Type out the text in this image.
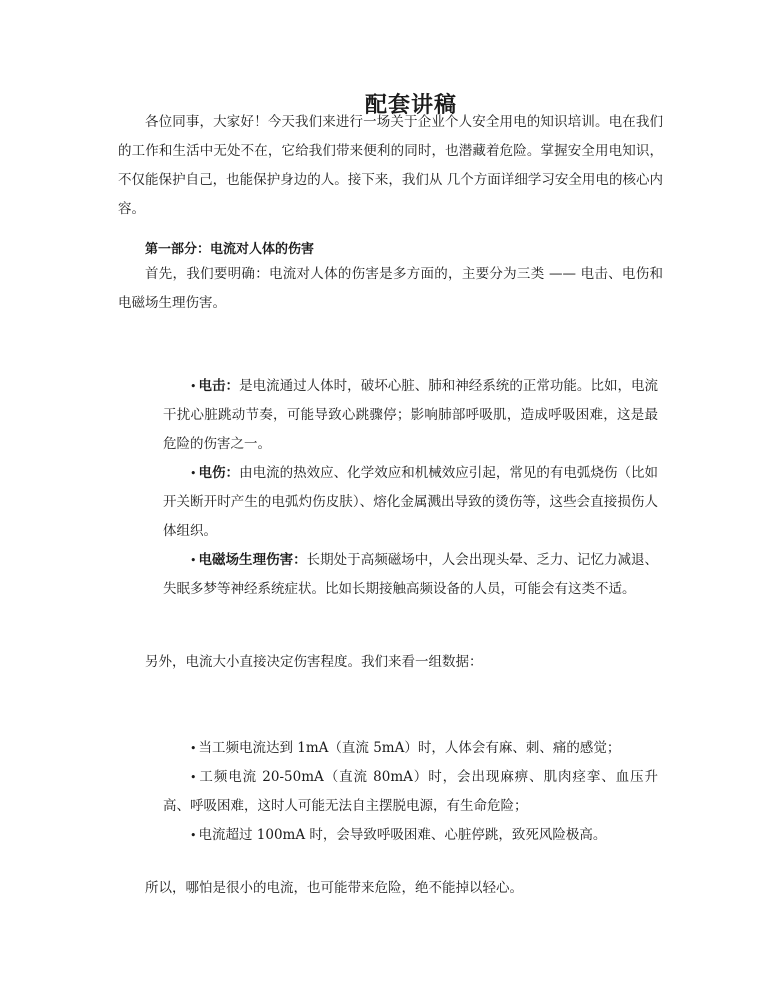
配套讲稿

各位同事，大家好！今天我们来进行一场关于企业个人安全用电的知识培训。电在我们的工作和生活中无处不在，它给我们带来便利的同时，也潜藏着危险。掌握安全用电知识，不仅能保护自己，也能保护身边的人。接下来，我们从 几个方面详细学习安全用电的核心内容。

第一部分：电流对人体的伤害

首先，我们要明确：电流对人体的伤害是多方面的，主要分为三类 —— 电击、电伤和电磁场生理伤害。

• 电击：是电流通过人体时，破坏心脏、肺和神经系统的正常功能。比如，电流干扰心脏跳动节奏，可能导致心跳骤停；影响肺部呼吸肌，造成呼吸困难，这是最危险的伤害之一。

• 电伤：由电流的热效应、化学效应和机械效应引起，常见的有电弧烧伤（比如开关断开时产生的电弧灼伤皮肤）、熔化金属溅出导致的烫伤等，这些会直接损伤人体组织。

• 电磁场生理伤害：长期处于高频磁场中，人会出现头晕、乏力、记忆力减退、失眠多梦等神经系统症状。比如长期接触高频设备的人员，可能会有这类不适。

另外，电流大小直接决定伤害程度。我们来看一组数据：

• 当工频电流达到 1mA（直流 5mA）时，人体会有麻、刺、痛的感觉；

• 工频电流 20-50mA（直流 80mA）时，会出现麻痹、肌肉痉挛、血压升高、呼吸困难，这时人可能无法自主摆脱电源，有生命危险；

• 电流超过 100mA 时，会导致呼吸困难、心脏停跳，致死风险极高。

所以，哪怕是很小的电流，也可能带来危险，绝不能掉以轻心。
